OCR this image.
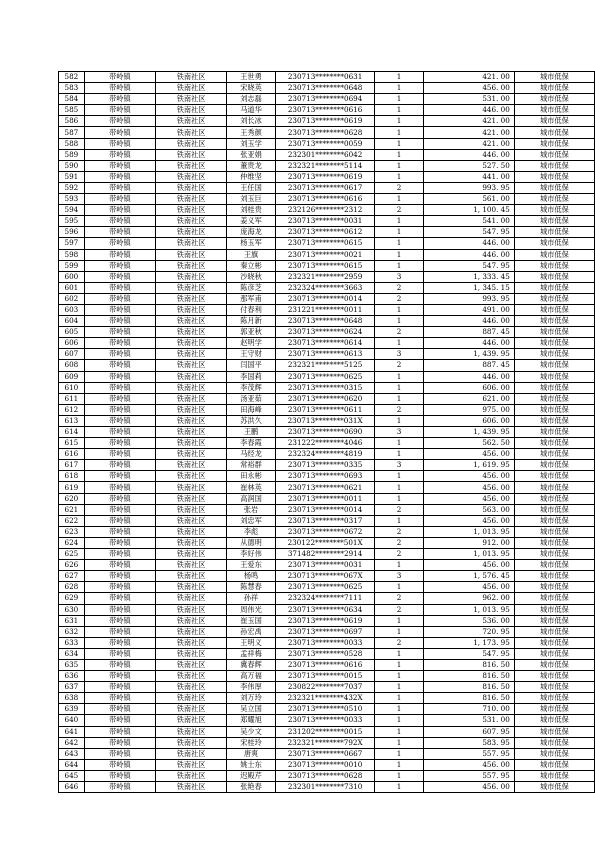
582	带岭镇	铁南社区	王世勇	230713********0631	1	421. 00	城市低保
583	带岭镇	铁南社区	宋晓英	230713********0648	1	456. 00	城市低保
584	带岭镇	铁南社区	刘志磊	230713********0694	1	531. 00	城市低保
585	带岭镇	铁南社区	马道华	230713********0616	1	446. 00	城市低保
586	带岭镇	铁南社区	刘长冰	230713********0619	1	421. 00	城市低保
587	带岭镇	铁南社区	王秀颜	230713********0628	1	421. 00	城市低保
588	带岭镇	铁南社区	刘玉学	230713********0059	1	421. 00	城市低保
589	带岭镇	铁南社区	张亚娟	232301********6042	1	446. 00	城市低保
590	带岭镇	铁南社区	董贵龙	232321********5114	1	527. 50	城市低保
591	带岭镇	铁南社区	仲维坚	230713********0619	1	441. 00	城市低保
592	带岭镇	铁南社区	王任国	230713********0617	2	993. 95	城市低保
593	带岭镇	铁南社区	刘玉巨	230713********0616	1	561. 00	城市低保
594	带岭镇	铁南社区	刘桂贵	232126********2312	2	1, 100. 45	城市低保
595	带岭镇	铁南社区	姜义军	230713********0031	1	541. 00	城市低保
596	带岭镇	铁南社区	庞海龙	230713********0612	1	547. 95	城市低保
597	带岭镇	铁南社区	杨玉军	230713********0615	1	446. 00	城市低保
598	带岭镇	铁南社区	王旗	230713********0021	1	446. 00	城市低保
599	带岭镇	铁南社区	秦立彬	230713********0615	1	547. 95	城市低保
600	带岭镇	铁南社区	沙晓秋	232321********2959	3	1, 333. 45	城市低保
601	带岭镇	铁南社区	陈彦芝	232324********3663	2	1, 345. 15	城市低保
602	带岭镇	铁南社区	那军甫	230713********0014	2	993. 95	城市低保
603	带岭镇	铁南社区	付春利	231221********0011	1	491. 00	城市低保
604	带岭镇	铁南社区	陈月新	230713********0648	1	446. 00	城市低保
605	带岭镇	铁南社区	郭亚秋	230713********0624	2	887. 45	城市低保
606	带岭镇	铁南社区	赵明学	230713********0614	1	446. 00	城市低保
607	带岭镇	铁南社区	王守财	230713********0613	3	1, 439. 95	城市低保
608	带岭镇	铁南社区	闫国平	232321********5125	2	887. 45	城市低保
609	带岭镇	铁南社区	李国莉	230713********0625	1	446. 00	城市低保
610	带岭镇	铁南社区	李茂辉	230713********0315	1	606. 00	城市低保
611	带岭镇	铁南社区	汤亚茹	230713********0620	1	621. 00	城市低保
612	带岭镇	铁南社区	田海峰	230713********0611	2	975. 00	城市低保
613	带岭镇	铁南社区	苏洪久	230713********031X	1	606. 00	城市低保
614	带岭镇	铁南社区	王鹏	230713********0690	3	1, 439. 95	城市低保
615	带岭镇	铁南社区	李春霞	231222********4046	1	562. 50	城市低保
616	带岭镇	铁南社区	马经龙	232324********4819	1	456. 00	城市低保
617	带岭镇	铁南社区	常裕群	230713********0335	3	1, 619. 95	城市低保
618	带岭镇	铁南社区	田永彬	230713********0693	1	456. 00	城市低保
619	带岭镇	铁南社区	崔林英	230713********0621	1	456. 00	城市低保
620	带岭镇	铁南社区	高润国	230713********0011	1	456. 00	城市低保
621	带岭镇	铁南社区	张岩	230713********0014	2	563. 00	城市低保
622	带岭镇	铁南社区	刘忠军	230713********0317	1	456. 00	城市低保
623	带岭镇	铁南社区	李彪	230713********0672	2	1, 013. 95	城市低保
624	带岭镇	铁南社区	从德明	230122********501X	2	912. 00	城市低保
625	带岭镇	铁南社区	李好伟	371482********2914	2	1, 013. 95	城市低保
626	带岭镇	铁南社区	王爱东	230713********0031	1	456. 00	城市低保
627	带岭镇	铁南社区	杨鸣	230713********067X	3	1, 576. 45	城市低保
628	带岭镇	铁南社区	陈慧春	230713********0625	1	456. 00	城市低保
629	带岭镇	铁南社区	孙祥	232324********7111	2	962. 00	城市低保
630	带岭镇	铁南社区	周伟光	230713********0634	2	1, 013. 95	城市低保
631	带岭镇	铁南社区	崔玉国	230713********0619	1	536. 00	城市低保
632	带岭镇	铁南社区	孙宏禹	230713********0697	1	720. 95	城市低保
633	带岭镇	铁南社区	王明义	230713********0033	2	1, 173. 95	城市低保
634	带岭镇	铁南社区	孟祥梅	230713********0528	1	547. 95	城市低保
635	带岭镇	铁南社区	冀春辉	230713********0616	1	816. 50	城市低保
636	带岭镇	铁南社区	高万福	230713********0015	1	816. 50	城市低保
637	带岭镇	铁南社区	李伟厚	230822********7037	1	816. 50	城市低保
638	带岭镇	铁南社区	刘万玲	232321********432X	1	816. 50	城市低保
639	带岭镇	铁南社区	吴立国	230713********0510	1	710. 00	城市低保
640	带岭镇	铁南社区	郑耀旭	230713********0033	1	531. 00	城市低保
641	带岭镇	铁南社区	吴少文	231202********0015	1	607. 95	城市低保
642	带岭镇	铁南社区	宋桂玲	232321********792X	1	583. 95	城市低保
643	带岭镇	铁南社区	唐爽	230713********0667	1	557. 95	城市低保
644	带岭镇	铁南社区	姚士东	230713********0010	1	456. 00	城市低保
645	带岭镇	铁南社区	迟殿芹	230713********0628	1	557. 95	城市低保
646	带岭镇	铁南社区	张艳春	232301********7310	1	456. 00	城市低保
